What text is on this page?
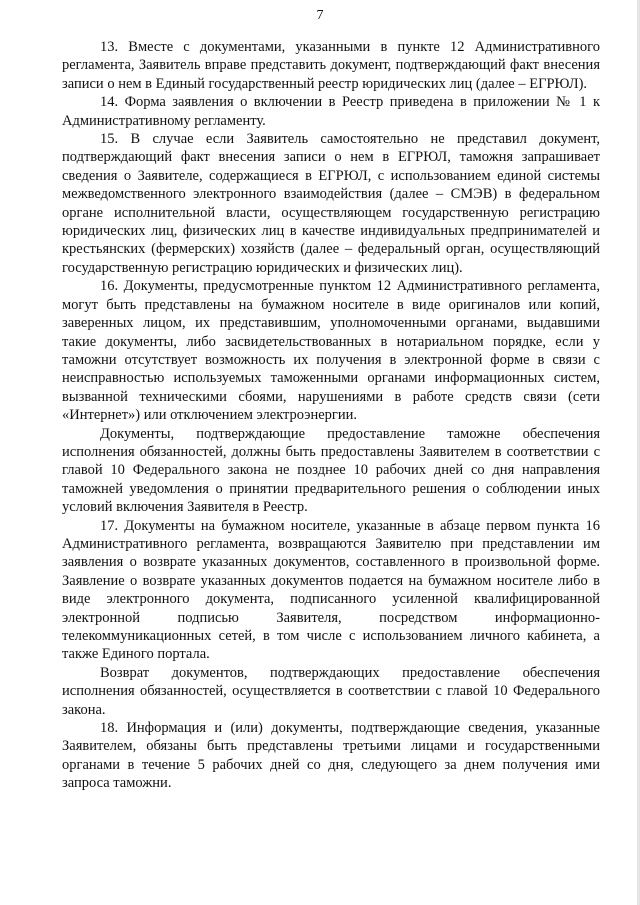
7

13. Вместе с документами, указанными в пункте 12 Административного регламента, Заявитель вправе представить документ, подтверждающий факт внесения записи о нем в Единый государственный реестр юридических лиц (далее – ЕГРЮЛ).

14. Форма заявления о включении в Реестр приведена в приложении № 1 к Административному регламенту.

15. В случае если Заявитель самостоятельно не представил документ, подтверждающий факт внесения записи о нем в ЕГРЮЛ, таможня запрашивает сведения о Заявителе, содержащиеся в ЕГРЮЛ, с использованием единой системы межведомственного электронного взаимодействия (далее – СМЭВ) в федеральном органе исполнительной власти, осуществляющем государственную регистрацию юридических лиц, физических лиц в качестве индивидуальных предпринимателей и крестьянских (фермерских) хозяйств (далее – федеральный орган, осуществляющий государственную регистрацию юридических и физических лиц).

16. Документы, предусмотренные пунктом 12 Административного регламента, могут быть представлены на бумажном носителе в виде оригиналов или копий, заверенных лицом, их представившим, уполномоченными органами, выдавшими такие документы, либо засвидетельствованных в нотариальном порядке, если у таможни отсутствует возможность их получения в электронной форме в связи с неисправностью используемых таможенными органами информационных систем, вызванной техническими сбоями, нарушениями в работе средств связи (сети «Интернет») или отключением электроэнергии.

Документы, подтверждающие предоставление таможне обеспечения исполнения обязанностей, должны быть предоставлены Заявителем в соответствии с главой 10 Федерального закона не позднее 10 рабочих дней со дня направления таможней уведомления о принятии предварительного решения о соблюдении иных условий включения Заявителя в Реестр.

17. Документы на бумажном носителе, указанные в абзаце первом пункта 16 Административного регламента, возвращаются Заявителю при представлении им заявления о возврате указанных документов, составленного в произвольной форме. Заявление о возврате указанных документов подается на бумажном носителе либо в виде электронного документа, подписанного усиленной квалифицированной электронной подписью Заявителя, посредством информационно-телекоммуникационных сетей, в том числе с использованием личного кабинета, а также Единого портала.

Возврат документов, подтверждающих предоставление обеспечения исполнения обязанностей, осуществляется в соответствии с главой 10 Федерального закона.

18. Информация и (или) документы, подтверждающие сведения, указанные Заявителем, обязаны быть представлены третьими лицами и государственными органами в течение 5 рабочих дней со дня, следующего за днем получения ими запроса таможни.
